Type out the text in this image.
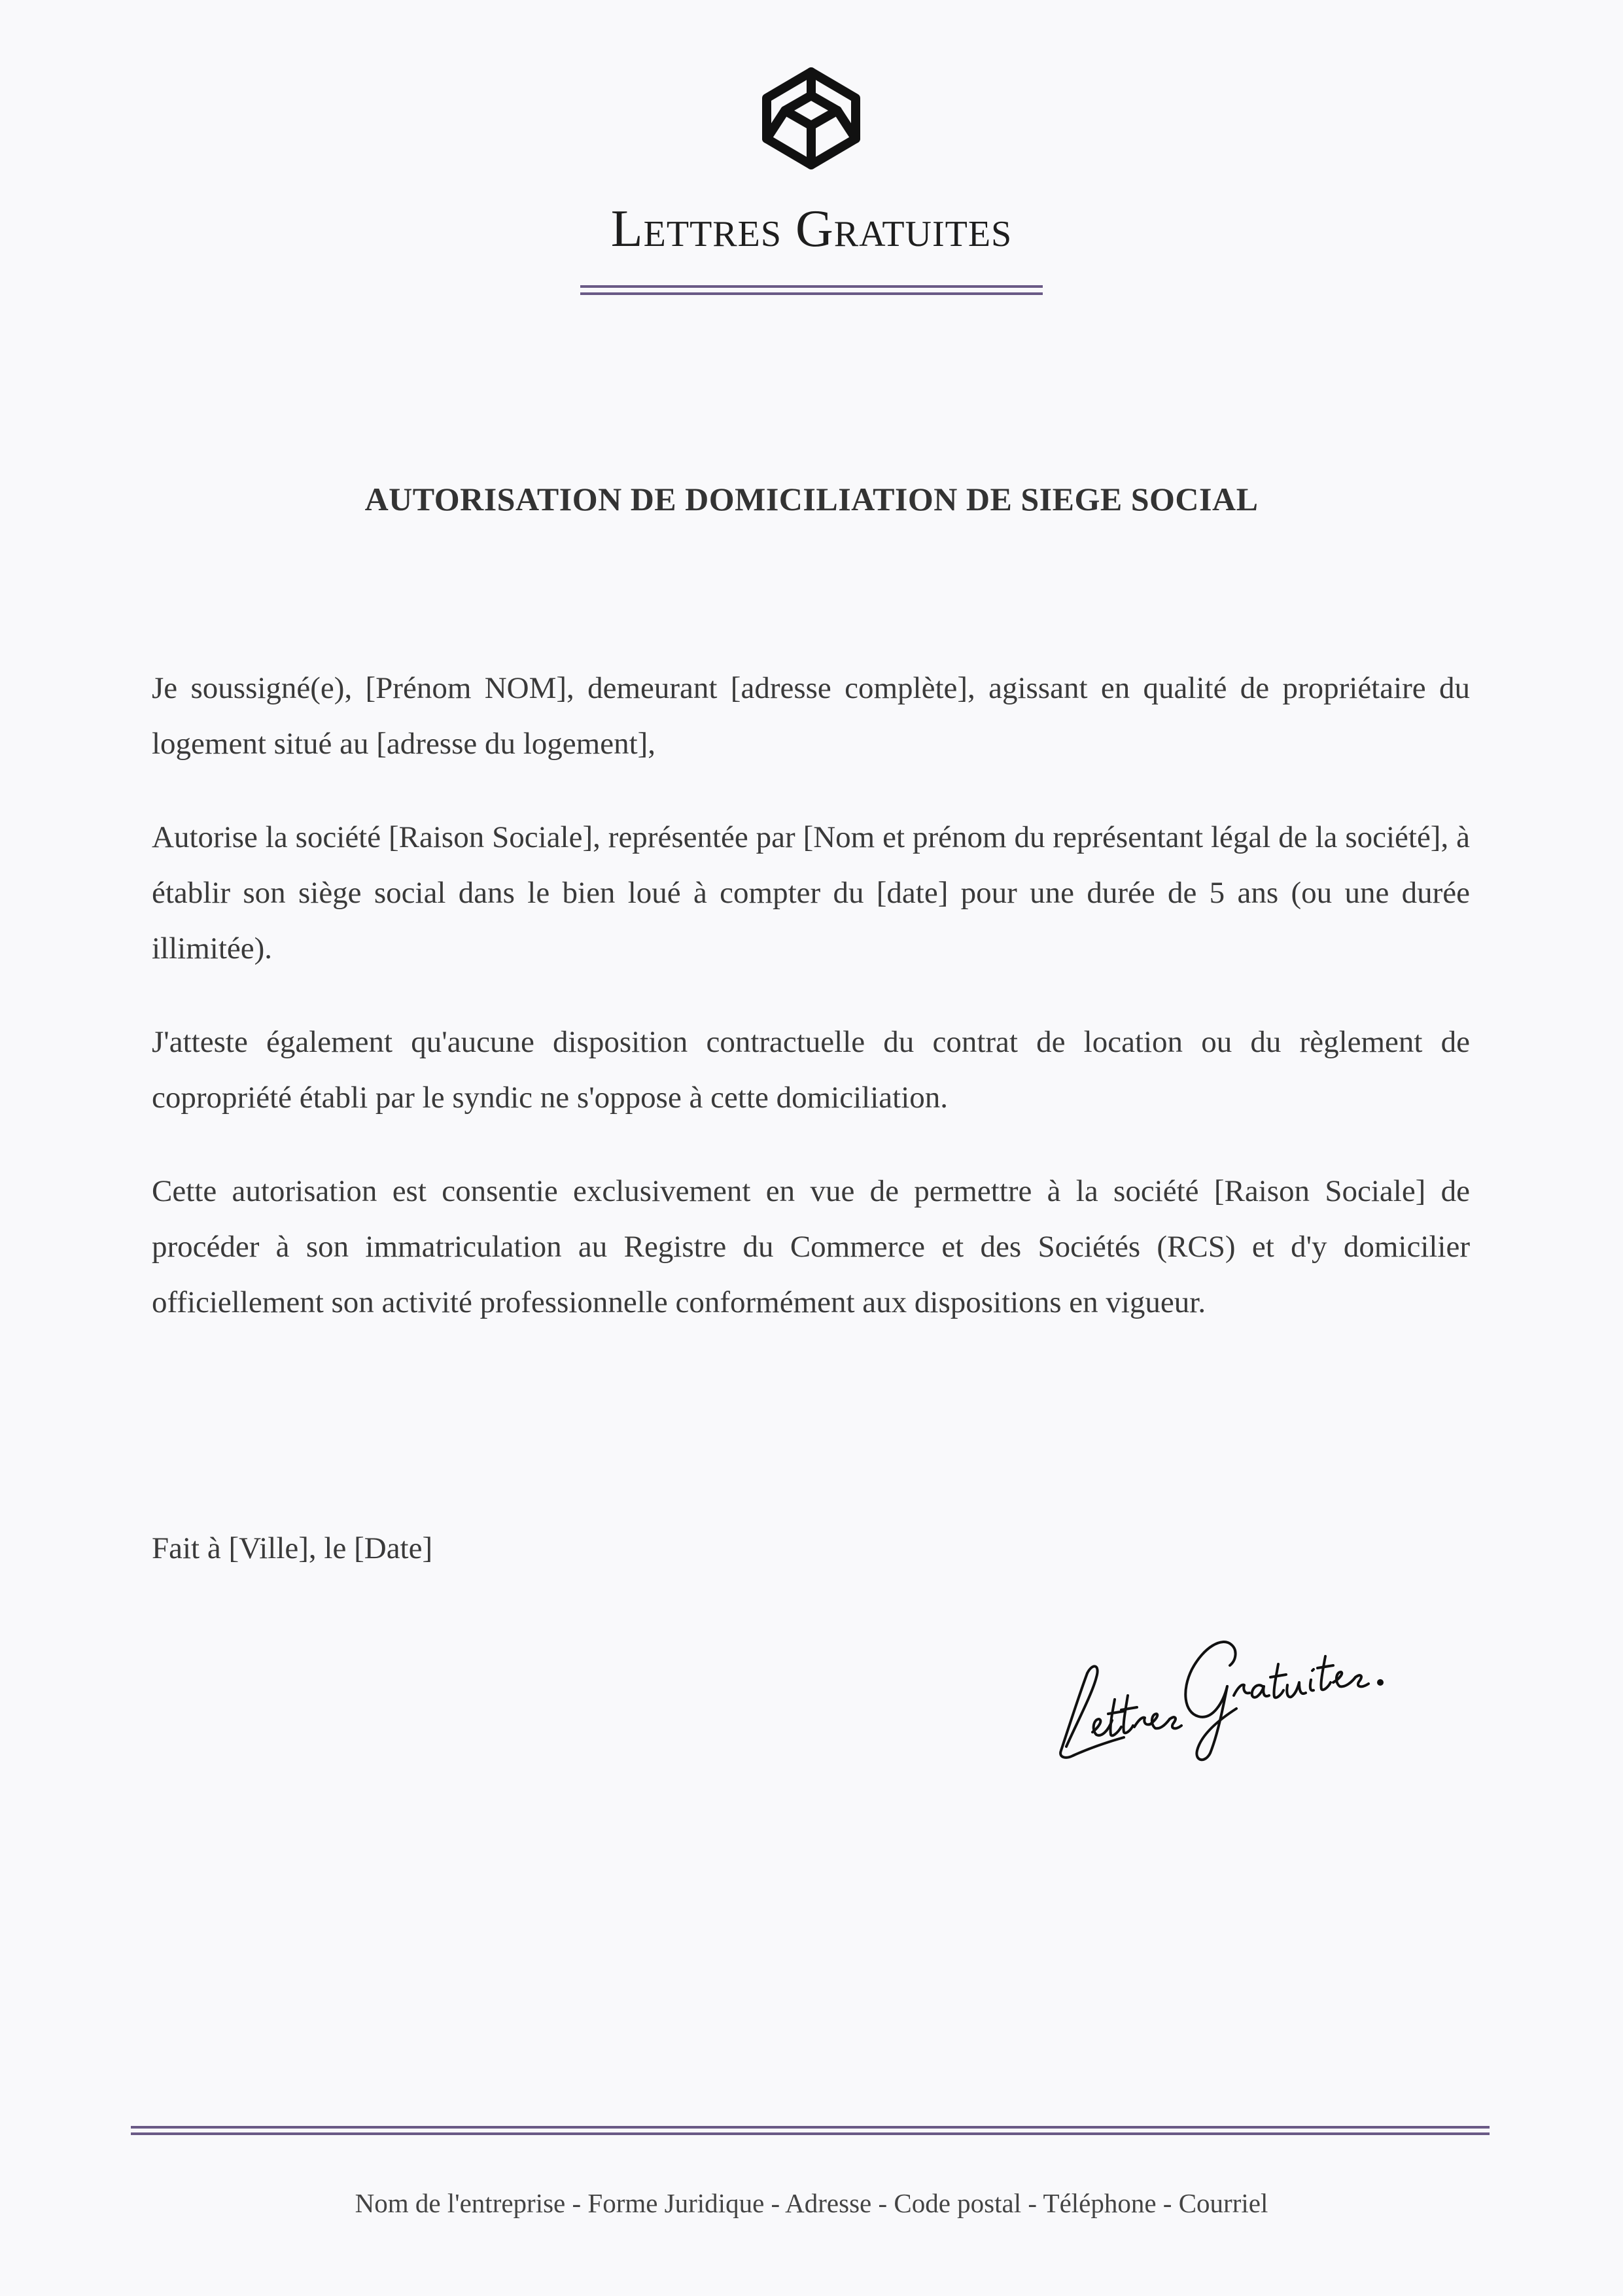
Lettres Gratuites
AUTORISATION DE DOMICILIATION DE SIEGE SOCIAL

Je soussigné(e), [Prénom NOM], demeurant [adresse complète], agissant en qualité de propriétaire du logement situé au [adresse du logement],

Autorise la société [Raison Sociale], représentée par [Nom et prénom du représentant légal de la société], à établir son siège social dans le bien loué à compter du [date] pour une durée de 5 ans (ou une durée illimitée).

J'atteste également qu'aucune disposition contractuelle du contrat de location ou du règlement de copropriété établi par le syndic ne s'oppose à cette domiciliation.

Cette autorisation est consentie exclusivement en vue de permettre à la société [Raison Sociale] de procéder à son immatriculation au Registre du Commerce et des Sociétés (RCS) et d'y domicilier officiellement son activité professionnelle conformément aux dispositions en vigueur.

Fait à [Ville], le [Date]
Nom de l'entreprise - Forme Juridique - Adresse - Code postal - Téléphone - Courriel
